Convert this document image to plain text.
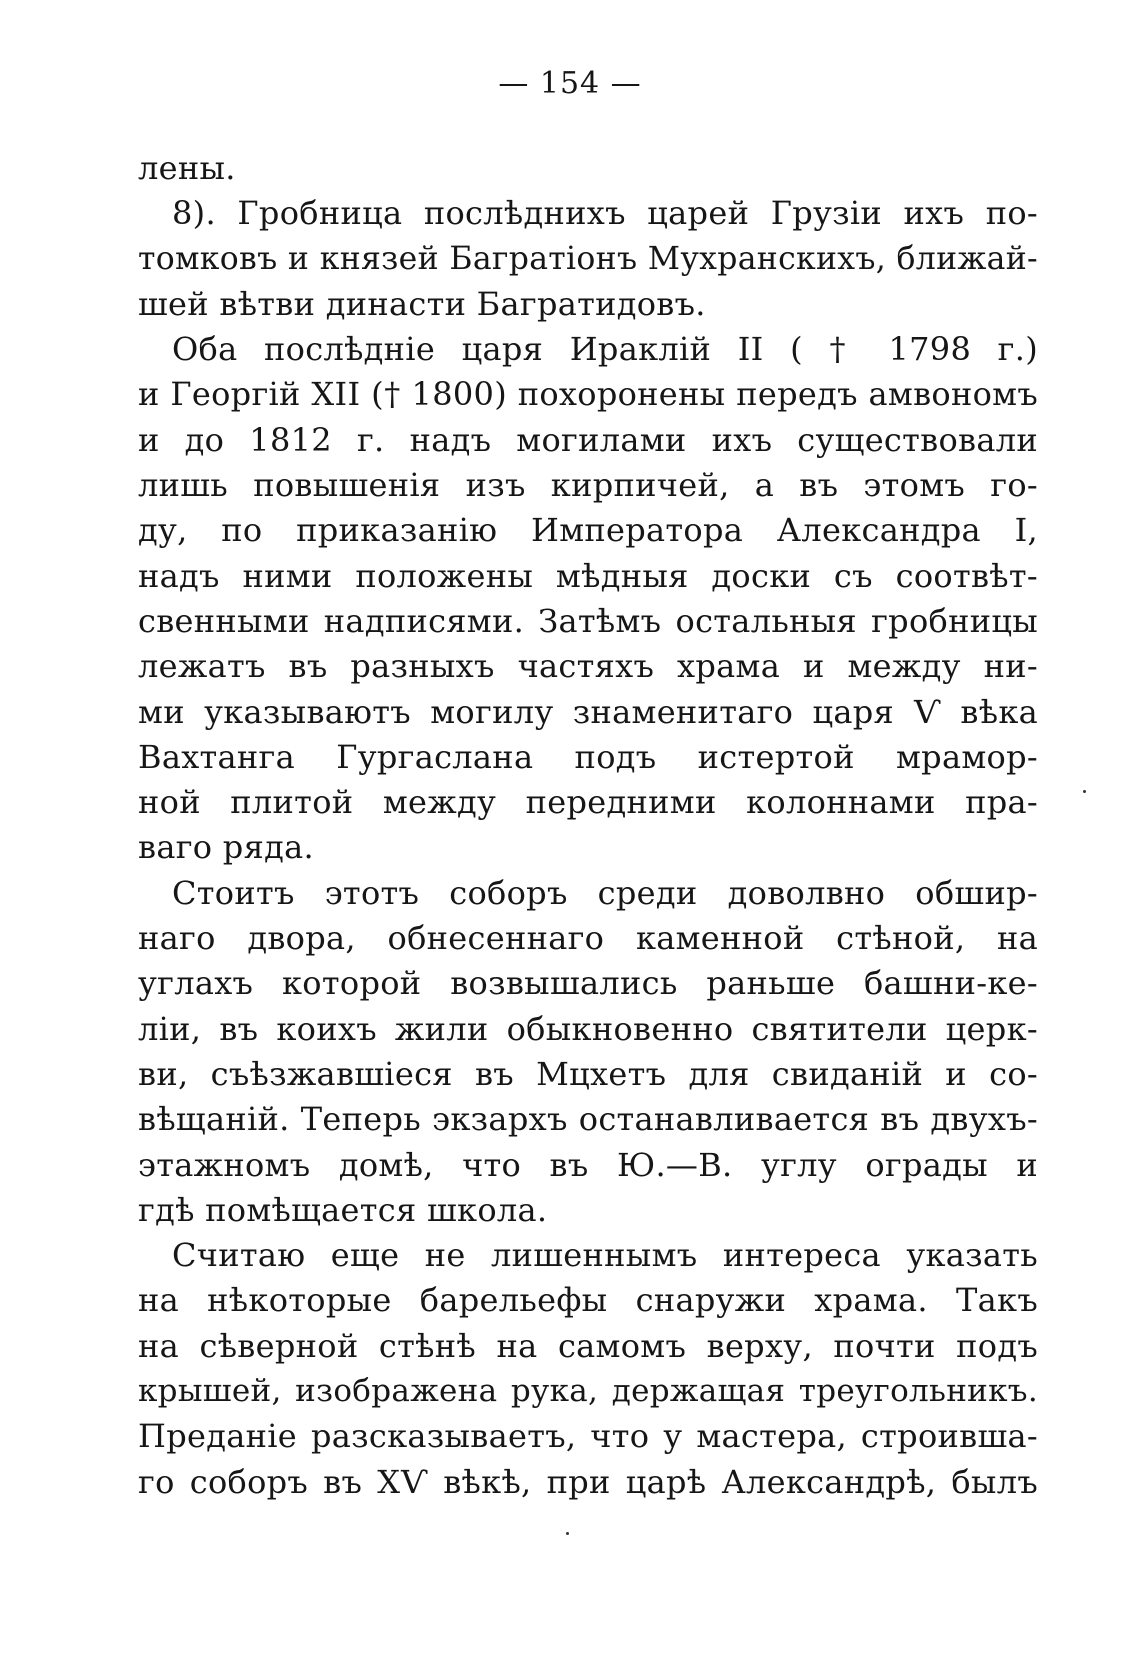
— 154 —
лены.
8). Гробница послѣднихъ царей Грузіи ихъ по-
томковъ и князей Багратіонъ Мухранскихъ, ближай-
шей вѣтви династи Багратидовъ.
Оба послѣдніе царя Ираклій II ( † 1798 г.)
и Георгій XII († 1800) похоронены передъ амвономъ
и до 1812 г. надъ могилами ихъ существовали
лишь повышенія изъ кирпичей, а въ этомъ го-
ду, по приказанію Императора Александра I,
надъ ними положены мѣдныя доски съ соотвѣт-
свенными надписями. Затѣмъ остальныя гробницы
лежатъ въ разныхъ частяхъ храма и между ни-
ми указываютъ могилу знаменитаго царя Ѵ вѣка
Вахтанга Гургаслана подъ истертой мрамор-
ной плитой между передними колоннами пра-
ваго ряда.
Стоитъ этотъ соборъ среди доволвно обшир-
наго двора, обнесеннаго каменной стѣной, на
углахъ которой возвышались раньше башни-ке-
ліи, въ коихъ жили обыкновенно святители церк-
ви, съѣзжавшіеся въ Мцхетъ для свиданій и со-
вѣщаній. Теперь экзархъ останавливается въ двухъ-
этажномъ домѣ, что въ Ю.—В. углу ограды и
гдѣ помѣщается школа.
Считаю еще не лишеннымъ интереса указать
на нѣкоторые барельефы снаружи храма. Такъ
на сѣверной стѣнѣ на самомъ верху, почти подъ
крышей, изображена рука, держащая треугольникъ.
Преданіе разсказываетъ, что у мастера, строившa-
го соборъ въ XѴ вѣкѣ, при царѣ Александрѣ, былъ
